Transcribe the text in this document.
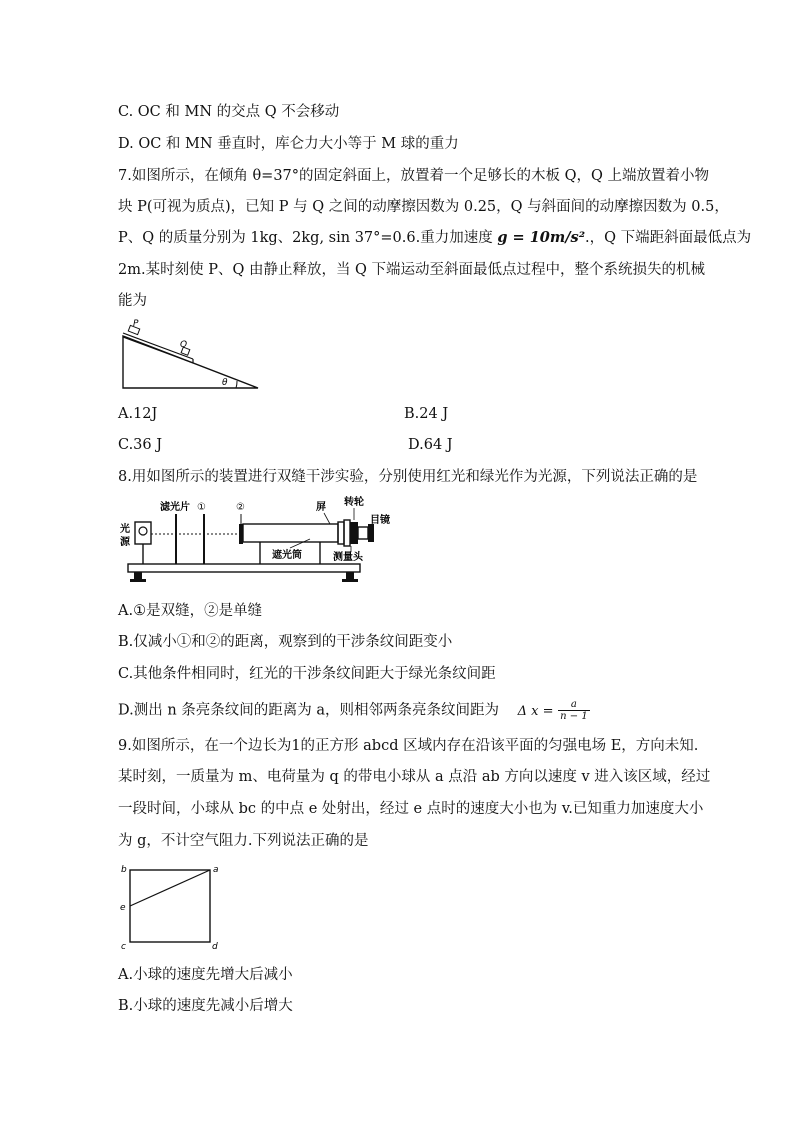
C. OC 和 MN 的交点 Q 不会移动
D. OC 和 MN 垂直时，库仑力大小等于 M 球的重力
7.如图所示，在倾角 θ=37°的固定斜面上，放置着一个足够长的木板 Q，Q 上端放置着小物
块 P(可视为质点)，已知 P 与 Q 之间的动摩擦因数为 0.25，Q 与斜面间的动摩擦因数为 0.5，
P、Q 的质量分别为 1kg、2kg, sin 37°=0.6.重力加速度 g = 10m/s².，Q 下端距斜面最低点为
2m.某时刻使 P、Q 由静止释放，当 Q 下端运动至斜面最低点过程中，整个系统损失的机械
能为
P
Q
θ
A.12J	B.24 J
C.36 J	D.64 J
8.用如图所示的装置进行双缝干涉实验，分别使用红光和绿光作为光源，下列说法正确的是
光
源
滤光片 ①	②
遮光筒
屏 转轮
目镜
测量头
A.①是双缝，②是单缝
B.仅减小①和②的距离，观察到的干涉条纹间距变小
C.其他条件相同时，红光的干涉条纹间距大于绿光条纹间距
D.测出 n 条亮条纹间的距离为 a，则相邻两条亮条纹间距为 Δ $x = \frac{a}{n - 1}$
9.如图所示，在一个边长为1的正方形 abcd 区域内存在沿该平面的匀强电场 E，方向未知.
某时刻，一质量为 m、电荷量为 q 的带电小球从 a 点沿 ab 方向以速度 v 进入该区域，经过
一段时间，小球从 bc 的中点 e 处射出，经过 e 点时的速度大小也为 v.已知重力加速度大小
为 g，不计空气阻力.下列说法正确的是
b	a
e
c	d
A.小球的速度先增大后减小
B.小球的速度先减小后增大
